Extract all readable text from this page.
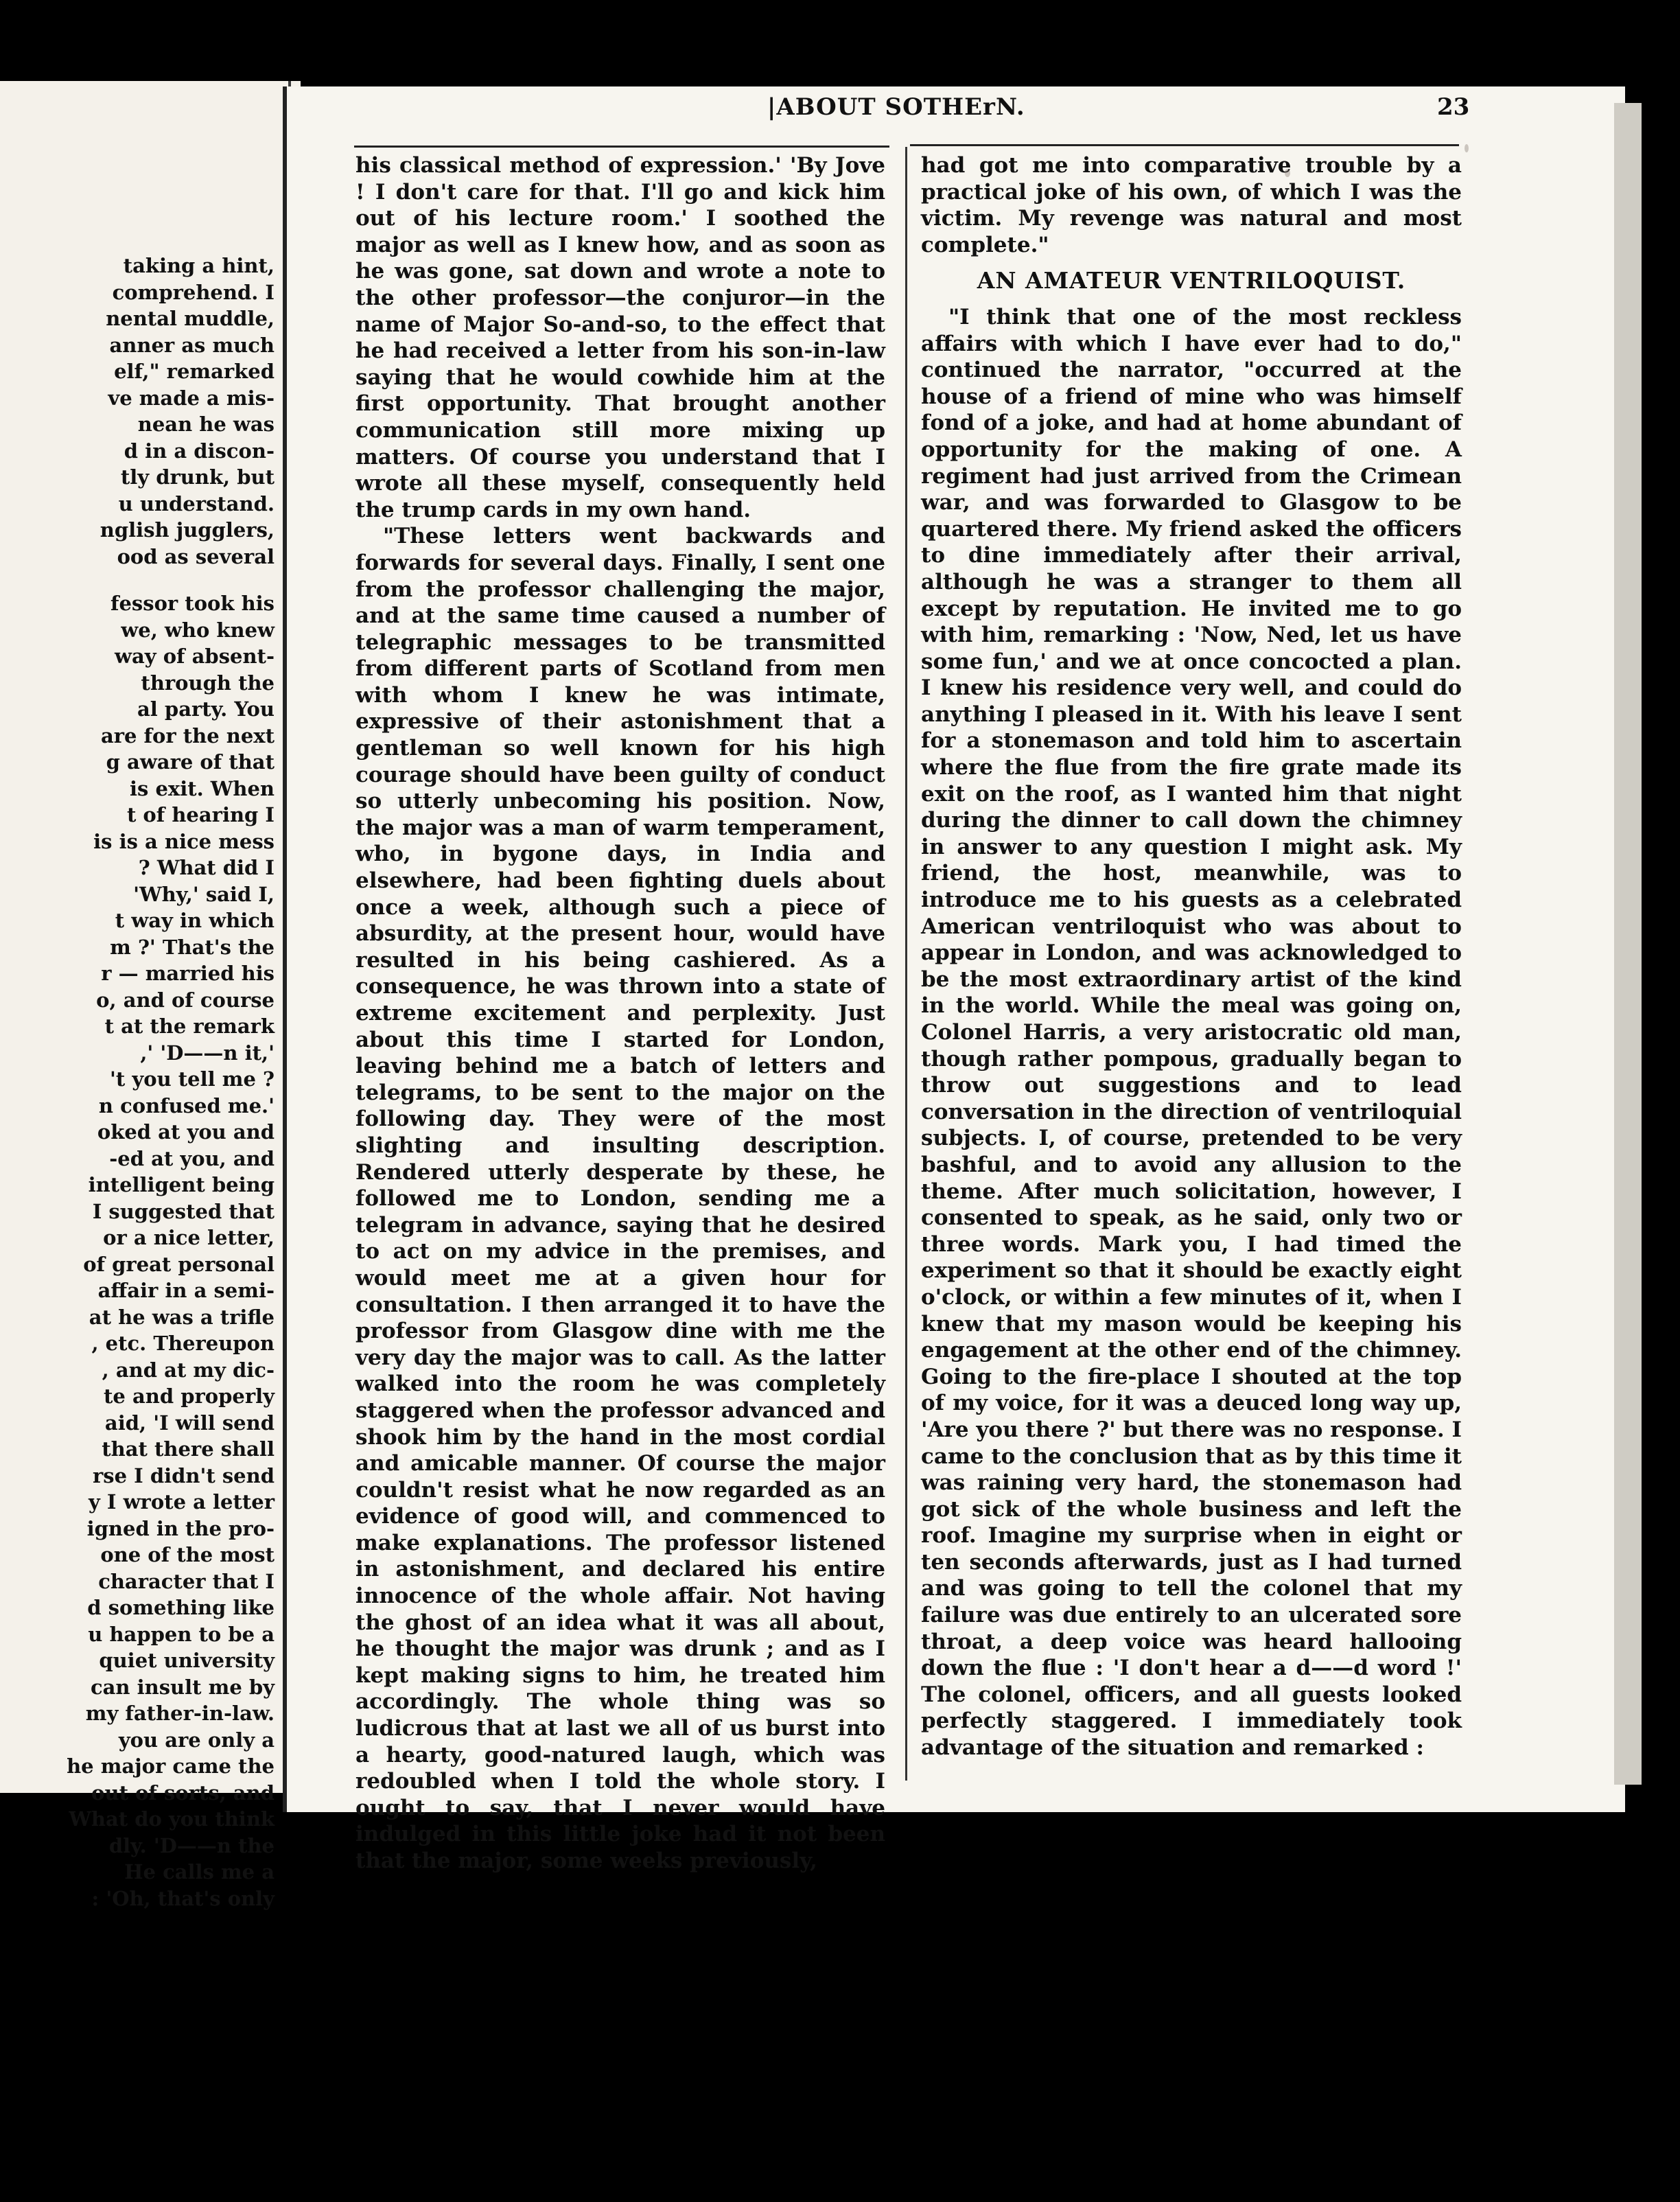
taking a hint,

comprehend. I

nental muddle,

anner as much

elf," remarked

ve made a mis-

nean he was

d in a discon-

tly drunk, but

u understand.

nglish jugglers,

ood as several

fessor took his

we, who knew

way of absent-

through the

al party. You

are for the next

g aware of that

is exit. When

t of hearing I

is is a nice mess

? What did I

'Why,' said I,

t way in which

m ?' That's the

r — married his

o, and of course

t at the remark

,' 'D——n it,'

't you tell me ?

n confused me.'

oked at you and

-ed at you, and

intelligent being

I suggested that

or a nice letter,

of great personal

affair in a semi-

at he was a trifle

, etc. Thereupon

, and at my dic-

te and properly

aid, 'I will send

that there shall

rse I didn't send

y I wrote a letter

igned in the pro-

one of the most

character that I

d something like

u happen to be a

quiet university

can insult me by

my father-in-law.

you are only a

he major came the

out of sorts, and

What do you think

dly. 'D——n the

He calls me a

: 'Oh, that's only

|ABOUT SOTHErN.	23

his classical method of expression.' 'By Jove ! I don't care for that. I'll go and kick him out of his lecture room.' I soothed the major as well as I knew how, and as soon as he was gone, sat down and wrote a note to the other professor—the conjuror—in the name of Major So-and-so, to the effect that he had received a letter from his son-in-law saying that he would cowhide him at the first opportunity. That brought another communication still more mixing up matters. Of course you understand that I wrote all these myself, consequently held the trump cards in my own hand.

"These letters went backwards and forwards for several days. Finally, I sent one from the professor challenging the major, and at the same time caused a number of telegraphic messages to be transmitted from different parts of Scotland from men with whom I knew he was intimate, expressive of their astonishment that a gentleman so well known for his high courage should have been guilty of conduct so utterly unbecoming his position. Now, the major was a man of warm temperament, who, in bygone days, in India and elsewhere, had been fighting duels about once a week, although such a piece of absurdity, at the present hour, would have resulted in his being cashiered. As a consequence, he was thrown into a state of extreme excitement and perplexity. Just about this time I started for London, leaving behind me a batch of letters and telegrams, to be sent to the major on the following day. They were of the most slighting and insulting description. Rendered utterly desperate by these, he followed me to London, sending me a telegram in advance, saying that he desired to act on my advice in the premises, and would meet me at a given hour for consultation. I then arranged it to have the professor from Glasgow dine with me the very day the major was to call. As the latter walked into the room he was completely staggered when the professor advanced and shook him by the hand in the most cordial and amicable manner. Of course the major couldn't resist what he now regarded as an evidence of good will, and commenced to make explanations. The professor listened in astonishment, and declared his entire innocence of the whole affair. Not having the ghost of an idea what it was all about, he thought the major was drunk ; and as I kept making signs to him, he treated him accordingly. The whole thing was so ludicrous that at last we all of us burst into a hearty, good-natured laugh, which was redoubled when I told the whole story. I ought to say, that I never would have indulged in this little joke had it not been that the major, some weeks previously,

had got me into comparative trouble by a practical joke of his own, of which I was the victim. My revenge was natural and most complete."

AN AMATEUR VENTRILOQUIST.

"I think that one of the most reckless affairs with which I have ever had to do," continued the narrator, "occurred at the house of a friend of mine who was himself fond of a joke, and had at home abundant of opportunity for the making of one. A regiment had just arrived from the Crimean war, and was forwarded to Glasgow to be quartered there. My friend asked the officers to dine immediately after their arrival, although he was a stranger to them all except by reputation. He invited me to go with him, remarking : 'Now, Ned, let us have some fun,' and we at once concocted a plan. I knew his residence very well, and could do anything I pleased in it. With his leave I sent for a stonemason and told him to ascertain where the flue from the fire grate made its exit on the roof, as I wanted him that night during the dinner to call down the chimney in answer to any question I might ask. My friend, the host, meanwhile, was to introduce me to his guests as a celebrated American ventriloquist who was about to appear in London, and was acknowledged to be the most extraordinary artist of the kind in the world. While the meal was going on, Colonel Harris, a very aristocratic old man, though rather pompous, gradually began to throw out suggestions and to lead conversation in the direction of ventriloquial subjects. I, of course, pretended to be very bashful, and to avoid any allusion to the theme. After much solicitation, however, I consented to speak, as he said, only two or three words. Mark you, I had timed the experiment so that it should be exactly eight o'clock, or within a few minutes of it, when I knew that my mason would be keeping his engagement at the other end of the chimney. Going to the fire-place I shouted at the top of my voice, for it was a deuced long way up, 'Are you there ?' but there was no response. I came to the conclusion that as by this time it was raining very hard, the stonemason had got sick of the whole business and left the roof. Imagine my surprise when in eight or ten seconds afterwards, just as I had turned and was going to tell the colonel that my failure was due entirely to an ulcerated sore throat, a deep voice was heard hallooing down the flue : 'I don't hear a d——d word !' The colonel, officers, and all guests looked perfectly staggered. I immediately took advantage of the situation and remarked :
